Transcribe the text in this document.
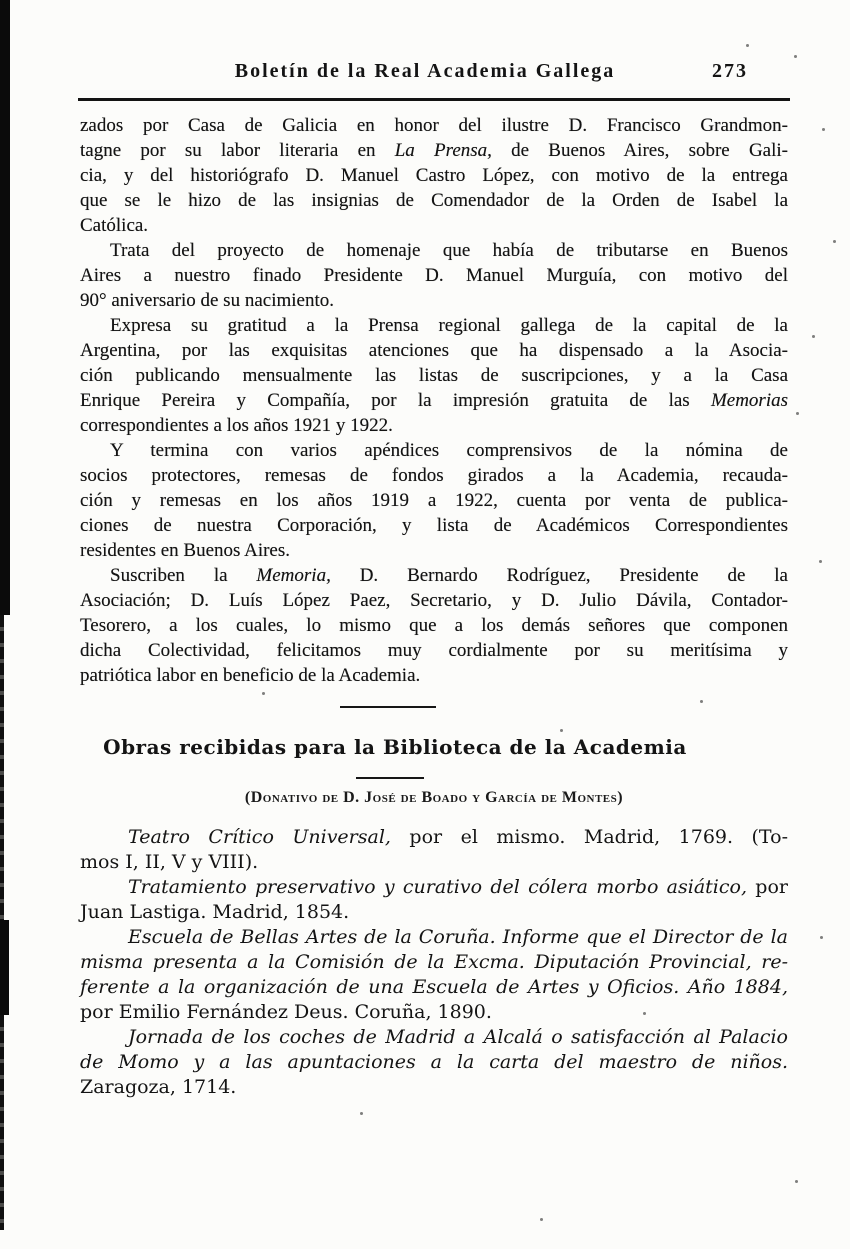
Boletín de la Real Academia Gallega	273
zados por Casa de Galicia en honor del ilustre D. Francisco Grandmon-
tagne por su labor literaria en La Prensa, de Buenos Aires, sobre Gali-
cia, y del historiógrafo D. Manuel Castro López, con motivo de la entrega
que se le hizo de las insignias de Comendador de la Orden de Isabel la
Católica.
Trata del proyecto de homenaje que había de tributarse en Buenos
Aires a nuestro finado Presidente D. Manuel Murguía, con motivo del
90° aniversario de su nacimiento.
Expresa su gratitud a la Prensa regional gallega de la capital de la
Argentina, por las exquisitas atenciones que ha dispensado a la Asocia-
ción publicando mensualmente las listas de suscripciones, y a la Casa
Enrique Pereira y Compañía, por la impresión gratuita de las Memorias
correspondientes a los años 1921 y 1922.
Y termina con varios apéndices comprensivos de la nómina de
socios protectores, remesas de fondos girados a la Academia, recauda-
ción y remesas en los años 1919 a 1922, cuenta por venta de publica-
ciones de nuestra Corporación, y lista de Académicos Correspondientes
residentes en Buenos Aires.
Suscriben la Memoria, D. Bernardo Rodríguez, Presidente de la
Asociación; D. Luís López Paez, Secretario, y D. Julio Dávila, Contador-
Tesorero, a los cuales, lo mismo que a los demás señores que componen
dicha Colectividad, felicitamos muy cordialmente por su meritísima y
patriótica labor en beneficio de la Academia.
Obras recibidas para la Biblioteca de la Academia
(Donativo de D. José de Boado y García de Montes)
Teatro Crítico Universal, por el mismo. Madrid, 1769. (To-
mos I, II, V y VIII).
Tratamiento preservativo y curativo del cólera morbo asiático, por
Juan Lastiga. Madrid, 1854.
Escuela de Bellas Artes de la Coruña. Informe que el Director de la
misma presenta a la Comisión de la Excma. Diputación Provincial, re-
ferente a la organización de una Escuela de Artes y Oficios. Año 1884,
por Emilio Fernández Deus. Coruña, 1890.
Jornada de los coches de Madrid a Alcalá o satisfacción al Palacio
de Momo y a las apuntaciones a la carta del maestro de niños.
Zaragoza, 1714.
